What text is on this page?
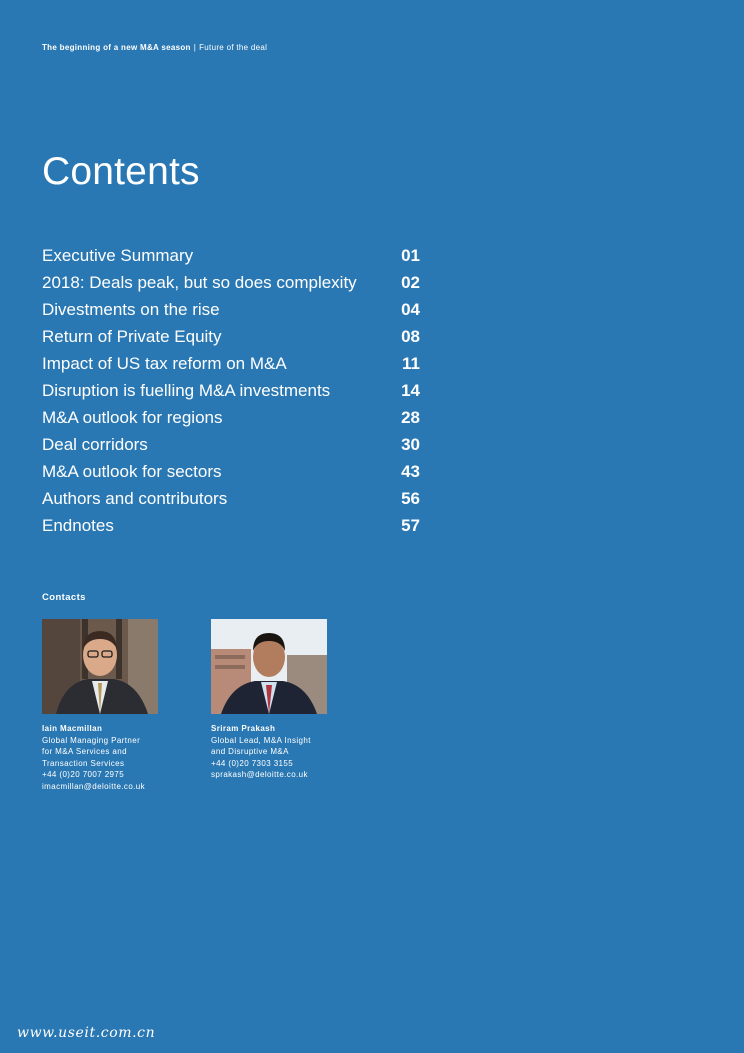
The beginning of a new M&A season | Future of the deal
Contents
Executive Summary	01
2018: Deals peak, but so does complexity	02
Divestments on the rise	04
Return of Private Equity	08
Impact of US tax reform on M&A	11
Disruption is fuelling M&A investments	14
M&A outlook for regions	28
Deal corridors	30
M&A outlook for sectors	43
Authors and contributors	56
Endnotes	57
Contacts
Iain Macmillan
Global Managing Partner
for M&A Services and
Transaction Services
+44 (0)20 7007 2975
imacmillan@deloitte.co.uk
Sriram Prakash
Global Lead, M&A Insight
and Disruptive M&A
+44 (0)20 7303 3155
sprakash@deloitte.co.uk
www.useit.com.cn
